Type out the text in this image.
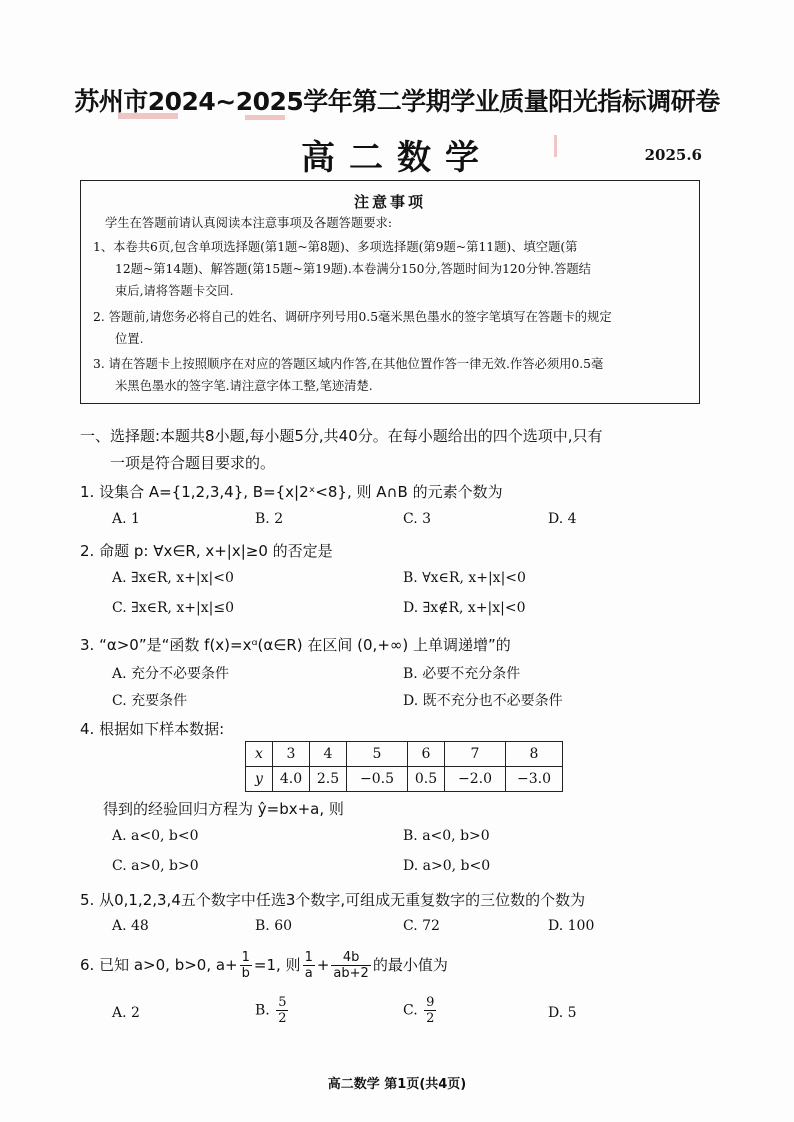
苏州市2024~2025学年第二学期学业质量阳光指标调研卷
高二数学	2025.6
注意事项
学生在答题前请认真阅读本注意事项及各题答题要求:
1、本卷共6页,包含单项选择题(第1题~第8题)、多项选择题(第9题~第11题)、填空题(第
12题~第14题)、解答题(第15题~第19题).本卷满分150分,答题时间为120分钟.答题结
束后,请将答题卡交回.
2. 答题前,请您务必将自己的姓名、调研序列号用0.5毫米黑色墨水的签字笔填写在答题卡的规定
位置.
3. 请在答题卡上按照顺序在对应的答题区域内作答,在其他位置作答一律无效.作答必须用0.5毫
米黑色墨水的签字笔.请注意字体工整,笔迹清楚.
一、选择题:本题共8小题,每小题5分,共40分。在每小题给出的四个选项中,只有
一项是符合题目要求的。
1. 设集合 A={1,2,3,4}, B={x|2ˣ<8}, 则 A∩B 的元素个数为
A. 1	B. 2	C. 3	D. 4
2. 命题 p: ∀x∈R, x+|x|≥0 的否定是
A. ∃x∈R, x+|x|<0	B. ∀x∈R, x+|x|<0
C. ∃x∈R, x+|x|≤0	D. ∃x∉R, x+|x|<0
3. “α>0”是“函数 f(x)=xᵅ(α∈R) 在区间 (0,+∞) 上单调递增”的
A. 充分不必要条件	B. 必要不充分条件
C. 充要条件	D. 既不充分也不必要条件
4. 根据如下样本数据:
x	3	4	5	6	7	8
y	4.0	2.5	−0.5	0.5	−2.0	−3.0
得到的经验回归方程为 ŷ=bx+a, 则
A. a<0, b<0	B. a<0, b>0
C. a>0, b>0	D. a>0, b<0
5. 从0,1,2,3,4五个数字中任选3个数字,可组成无重复数字的三位数的个数为
A. 48	B. 60	C. 72	D. 100
6. 已知 a>0, b>0, $a+ \frac{1}{b} =1$, 则 $\frac{1}{a} + \frac{4b}{ab+2}$ 的最小值为
A. 2	B. $\frac{5}{2}$	C. $\frac{9}{2}$	D. 5
高二数学 第1页(共4页)
